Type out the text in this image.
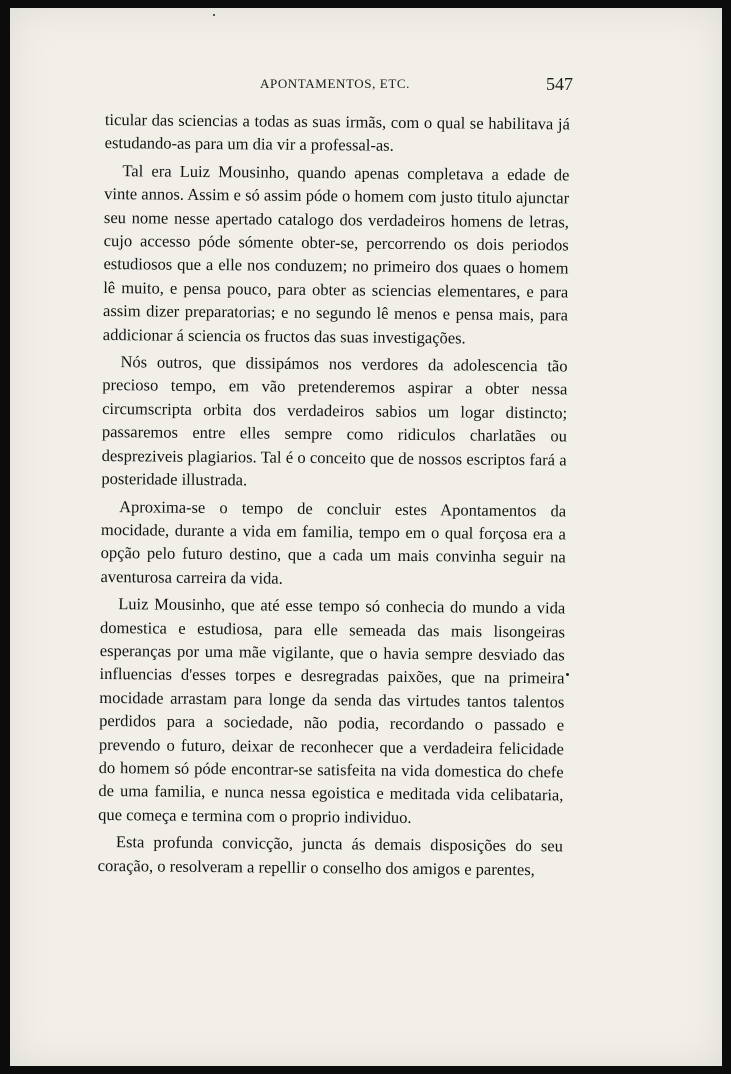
APONTAMENTOS, ETC.	547

ticular das sciencias a todas as suas irmãs, com o qual se habilitava já estudando-as para um dia vir a professal-as.

Tal era Luiz Mousinho, quando apenas completava a edade de vinte annos. Assim e só assim póde o homem com justo titulo ajunctar seu nome nesse apertado catalogo dos verdadeiros homens de letras, cujo accesso póde sómente obter-se, percorrendo os dois periodos estudiosos que a elle nos conduzem; no primeiro dos quaes o homem lê muito, e pensa pouco, para obter as sciencias elementares, e para assim dizer preparatorias; e no segundo lê menos e pensa mais, para addicionar á sciencia os fructos das suas investigações.

Nós outros, que dissipámos nos verdores da adolescencia tão precioso tempo, em vão pretenderemos aspirar a obter nessa circumscripta orbita dos verdadeiros sabios um logar distincto; passaremos entre elles sempre como ridiculos charlatães ou despreziveis plagiarios. Tal é o conceito que de nossos escriptos fará a posteridade illustrada.

Aproxima-se o tempo de concluir estes Apontamentos da mocidade, durante a vida em familia, tempo em o qual forçosa era a opção pelo futuro destino, que a cada um mais convinha seguir na aventurosa carreira da vida.

Luiz Mousinho, que até esse tempo só conhecia do mundo a vida domestica e estudiosa, para elle semeada das mais lisongeiras esperanças por uma mãe vigilante, que o havia sempre desviado das influencias d'esses torpes e desregradas paixões, que na primeira mocidade arrastam para longe da senda das virtudes tantos talentos perdidos para a sociedade, não podia, recordando o passado e prevendo o futuro, deixar de reconhecer que a verdadeira felicidade do homem só póde encontrar-se satisfeita na vida domestica do chefe de uma familia, e nunca nessa egoistica e meditada vida celibataria, que começa e termina com o proprio individuo.

Esta profunda convicção, juncta ás demais disposições do seu coração, o resolveram a repellir o conselho dos amigos e parentes,
